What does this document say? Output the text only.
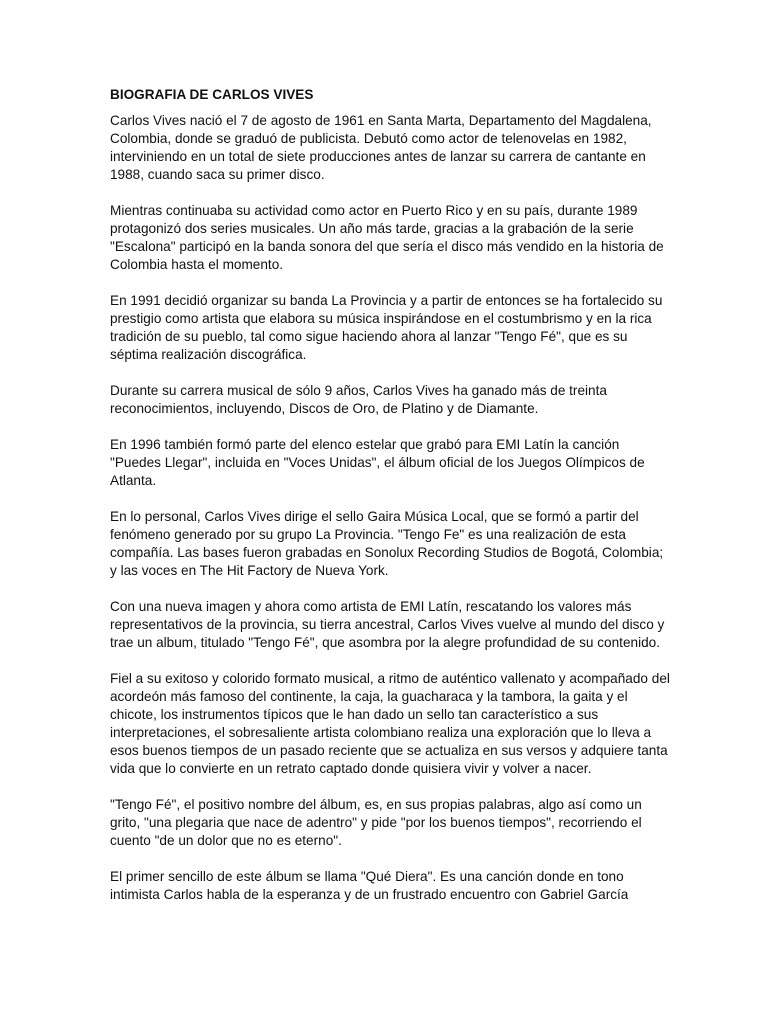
BIOGRAFIA DE CARLOS VIVES

Carlos Vives nació el 7 de agosto de 1961 en Santa Marta, Departamento del Magdalena, Colombia, donde se graduó de publicista. Debutó como actor de telenovelas en 1982, interviniendo en un total de siete producciones antes de lanzar su carrera de cantante en 1988, cuando saca su primer disco.

Mientras continuaba su actividad como actor en Puerto Rico y en su país, durante 1989 protagonizó dos series musicales. Un año más tarde, gracias a la grabación de la serie "Escalona" participó en la banda sonora del que sería el disco más vendido en la historia de Colombia hasta el momento.

En 1991 decidió organizar su banda La Provincia y a partir de entonces se ha fortalecido su prestigio como artista que elabora su música inspirándose en el costumbrismo y en la rica tradición de su pueblo, tal como sigue haciendo ahora al lanzar "Tengo Fé", que es su séptima realización discográfica.

Durante su carrera musical de sólo 9 años, Carlos Vives ha ganado más de treinta reconocimientos, incluyendo, Discos de Oro, de Platino y de Diamante.

En 1996 también formó parte del elenco estelar que grabó para EMI Latín la canción "Puedes Llegar", incluida en "Voces Unidas", el álbum oficial de los Juegos Olímpicos de Atlanta.

En lo personal, Carlos Vives dirige el sello Gaira Música Local, que se formó a partir del fenómeno generado por su grupo La Provincia. "Tengo Fe" es una realización de esta compañía. Las bases fueron grabadas en Sonolux Recording Studios de Bogotá, Colombia; y las voces en The Hit Factory de Nueva York.

Con una nueva imagen y ahora como artista de EMI Latín, rescatando los valores más representativos de la provincia, su tierra ancestral, Carlos Vives vuelve al mundo del disco y trae un album, titulado "Tengo Fé", que asombra por la alegre profundidad de su contenido.

Fiel a su exitoso y colorido formato musical, a ritmo de auténtico vallenato y acompañado del acordeón más famoso del continente, la caja, la guacharaca y la tambora, la gaita y el chicote, los instrumentos típicos que le han dado un sello tan característico a sus interpretaciones, el sobresaliente artista colombiano realiza una exploración que lo lleva a esos buenos tiempos de un pasado reciente que se actualiza en sus versos y adquiere tanta vida que lo convierte en un retrato captado donde quisiera vivir y volver a nacer.

"Tengo Fé", el positivo nombre del álbum, es, en sus propias palabras, algo así como un grito, "una plegaria que nace de adentro" y pide "por los buenos tiempos", recorriendo el cuento "de un dolor que no es eterno".

El primer sencillo de este álbum se llama "Qué Diera". Es una canción donde en tono intimista Carlos habla de la esperanza y de un frustrado encuentro con Gabriel García
